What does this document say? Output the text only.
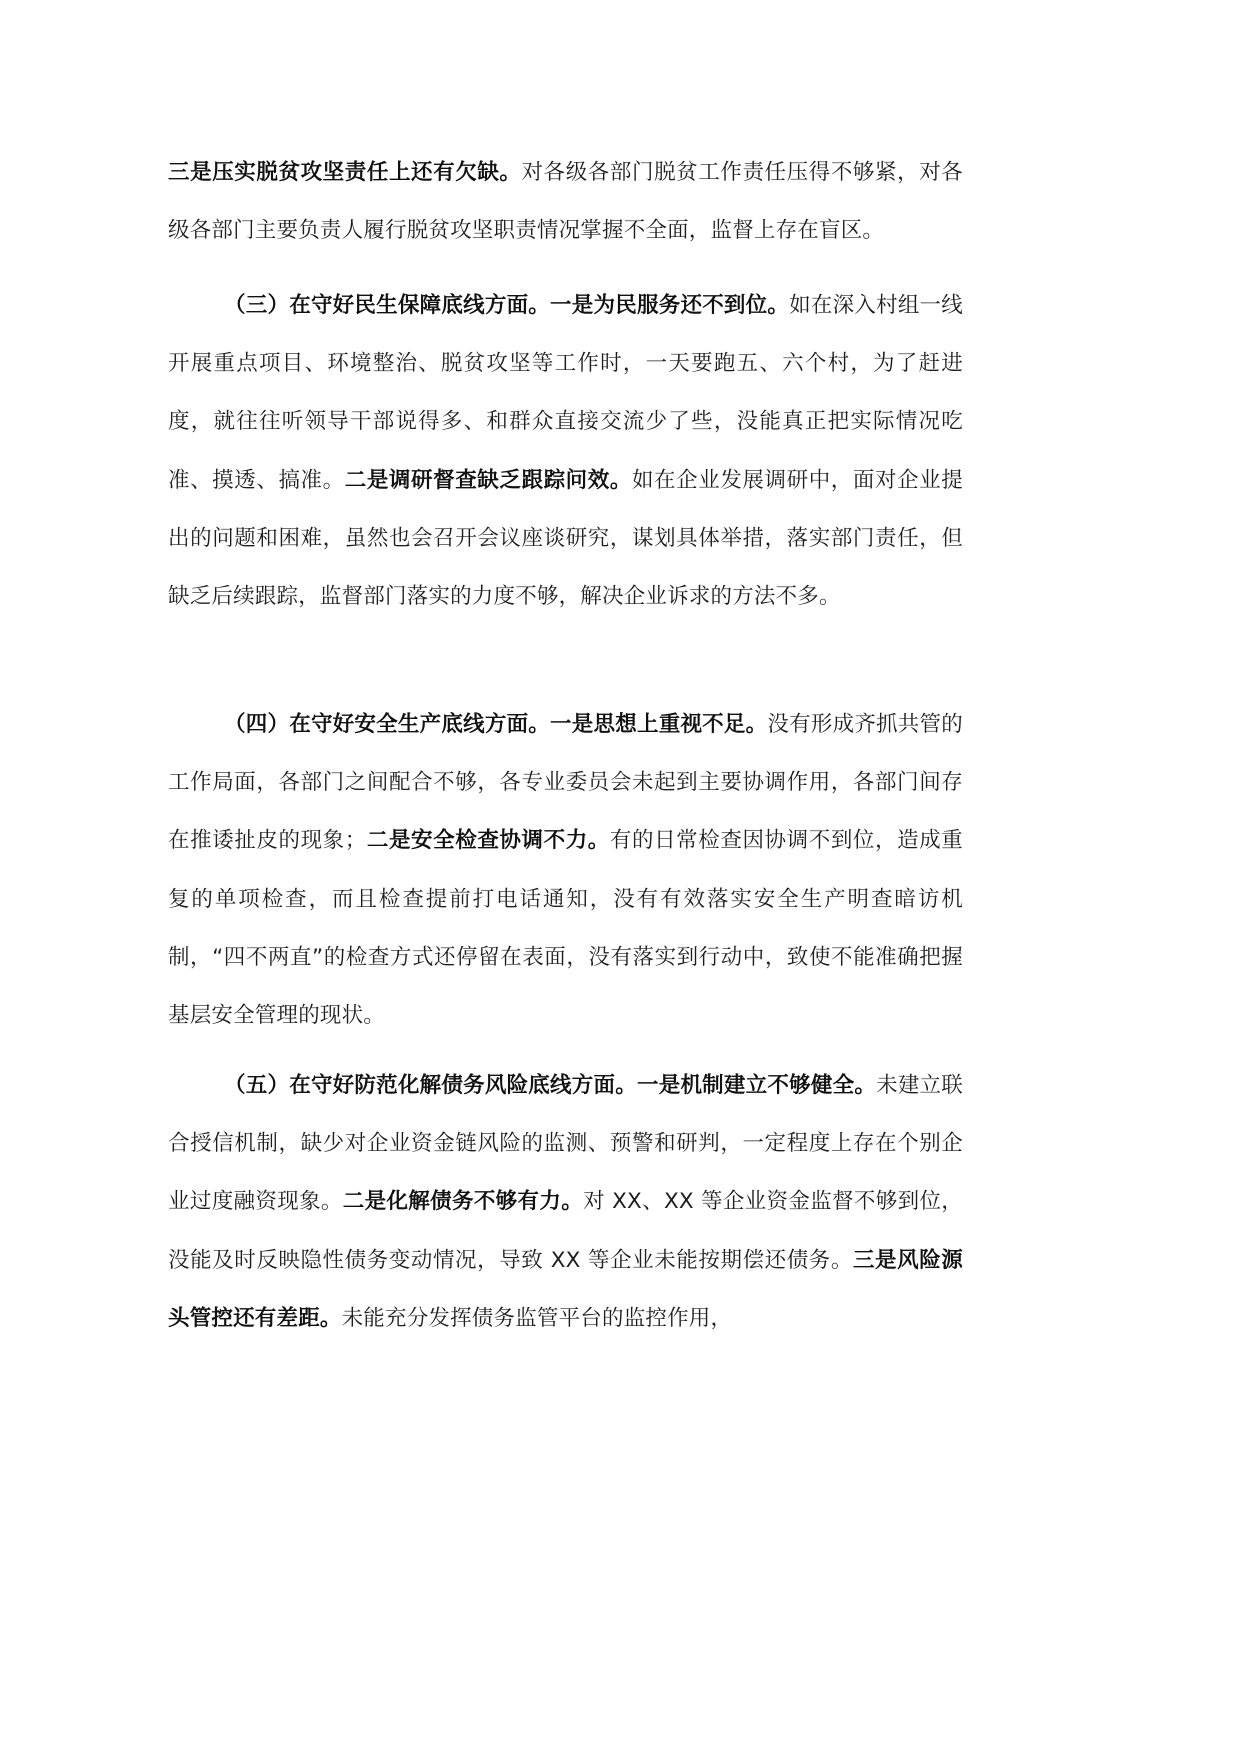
三是压实脱贫攻坚责任上还有欠缺。对各级各部门脱贫工作责任压得不够紧，对各级各部门主要负责人履行脱贫攻坚职责情况掌握不全面，监督上存在盲区。

（三）在守好民生保障底线方面。一是为民服务还不到位。如在深入村组一线开展重点项目、环境整治、脱贫攻坚等工作时，一天要跑五、六个村，为了赶进度，就往往听领导干部说得多、和群众直接交流少了些，没能真正把实际情况吃准、摸透、搞准。二是调研督查缺乏跟踪问效。如在企业发展调研中，面对企业提出的问题和困难，虽然也会召开会议座谈研究，谋划具体举措，落实部门责任，但缺乏后续跟踪，监督部门落实的力度不够，解决企业诉求的方法不多。

（四）在守好安全生产底线方面。一是思想上重视不足。没有形成齐抓共管的工作局面，各部门之间配合不够，各专业委员会未起到主要协调作用，各部门间存在推诿扯皮的现象；二是安全检查协调不力。有的日常检查因协调不到位，造成重复的单项检查，而且检查提前打电话通知，没有有效落实安全生产明查暗访机制，“四不两直”的检查方式还停留在表面，没有落实到行动中，致使不能准确把握基层安全管理的现状。

（五）在守好防范化解债务风险底线方面。一是机制建立不够健全。未建立联合授信机制，缺少对企业资金链风险的监测、预警和研判，一定程度上存在个别企业过度融资现象。二是化解债务不够有力。对 XX、XX 等企业资金监督不够到位，没能及时反映隐性债务变动情况，导致 XX 等企业未能按期偿还债务。三是风险源头管控还有差距。未能充分发挥债务监管平台的监控作用，
